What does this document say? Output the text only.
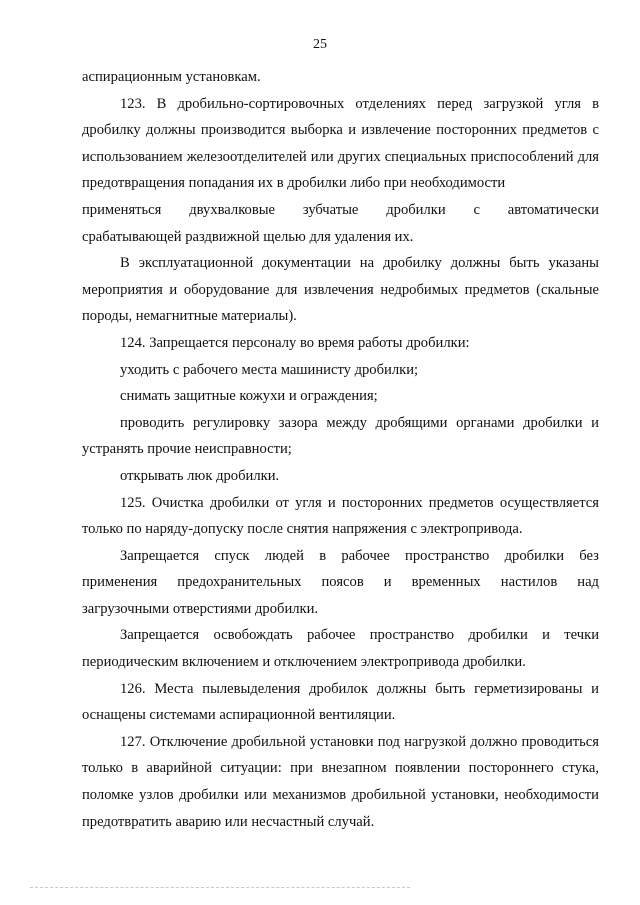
25

аспирационным установкам.

123. В дробильно-сортировочных отделениях перед загрузкой угля в дробилку должны производится выборка и извлечение посторонних предметов с использованием железоотделителей или других специальных приспособлений для предотвращения попадания их в дробилки либо при необходимости

применяться двухвалковые зубчатые дробилки с автоматически

срабатывающей раздвижной щелью для удаления их.

В эксплуатационной документации на дробилку должны быть указаны мероприятия и оборудование для извлечения недробимых предметов (скальные породы, немагнитные материалы).

124. Запрещается персоналу во время работы дробилки:

уходить с рабочего места машинисту дробилки;

снимать защитные кожухи и ограждения;

проводить регулировку зазора между дробящими органами дробилки и устранять прочие неисправности;

открывать люк дробилки.

125. Очистка дробилки от угля и посторонних предметов осуществляется только по наряду-допуску после снятия напряжения с электропривода.

Запрещается спуск людей в рабочее пространство дробилки без
применения предохранительных поясов и временных настилов над

загрузочными отверстиями дробилки.

Запрещается освобождать рабочее пространство дробилки и течки периодическим включением и отключением электропривода дробилки.

126. Места пылевыделения дробилок должны быть герметизированы и оснащены системами аспирационной вентиляции.

127. Отключение дробильной установки под нагрузкой должно проводиться только в аварийной ситуации: при внезапном появлении постороннего стука, поломке узлов дробилки или механизмов дробильной установки, необходимости предотвратить аварию или несчастный случай.
